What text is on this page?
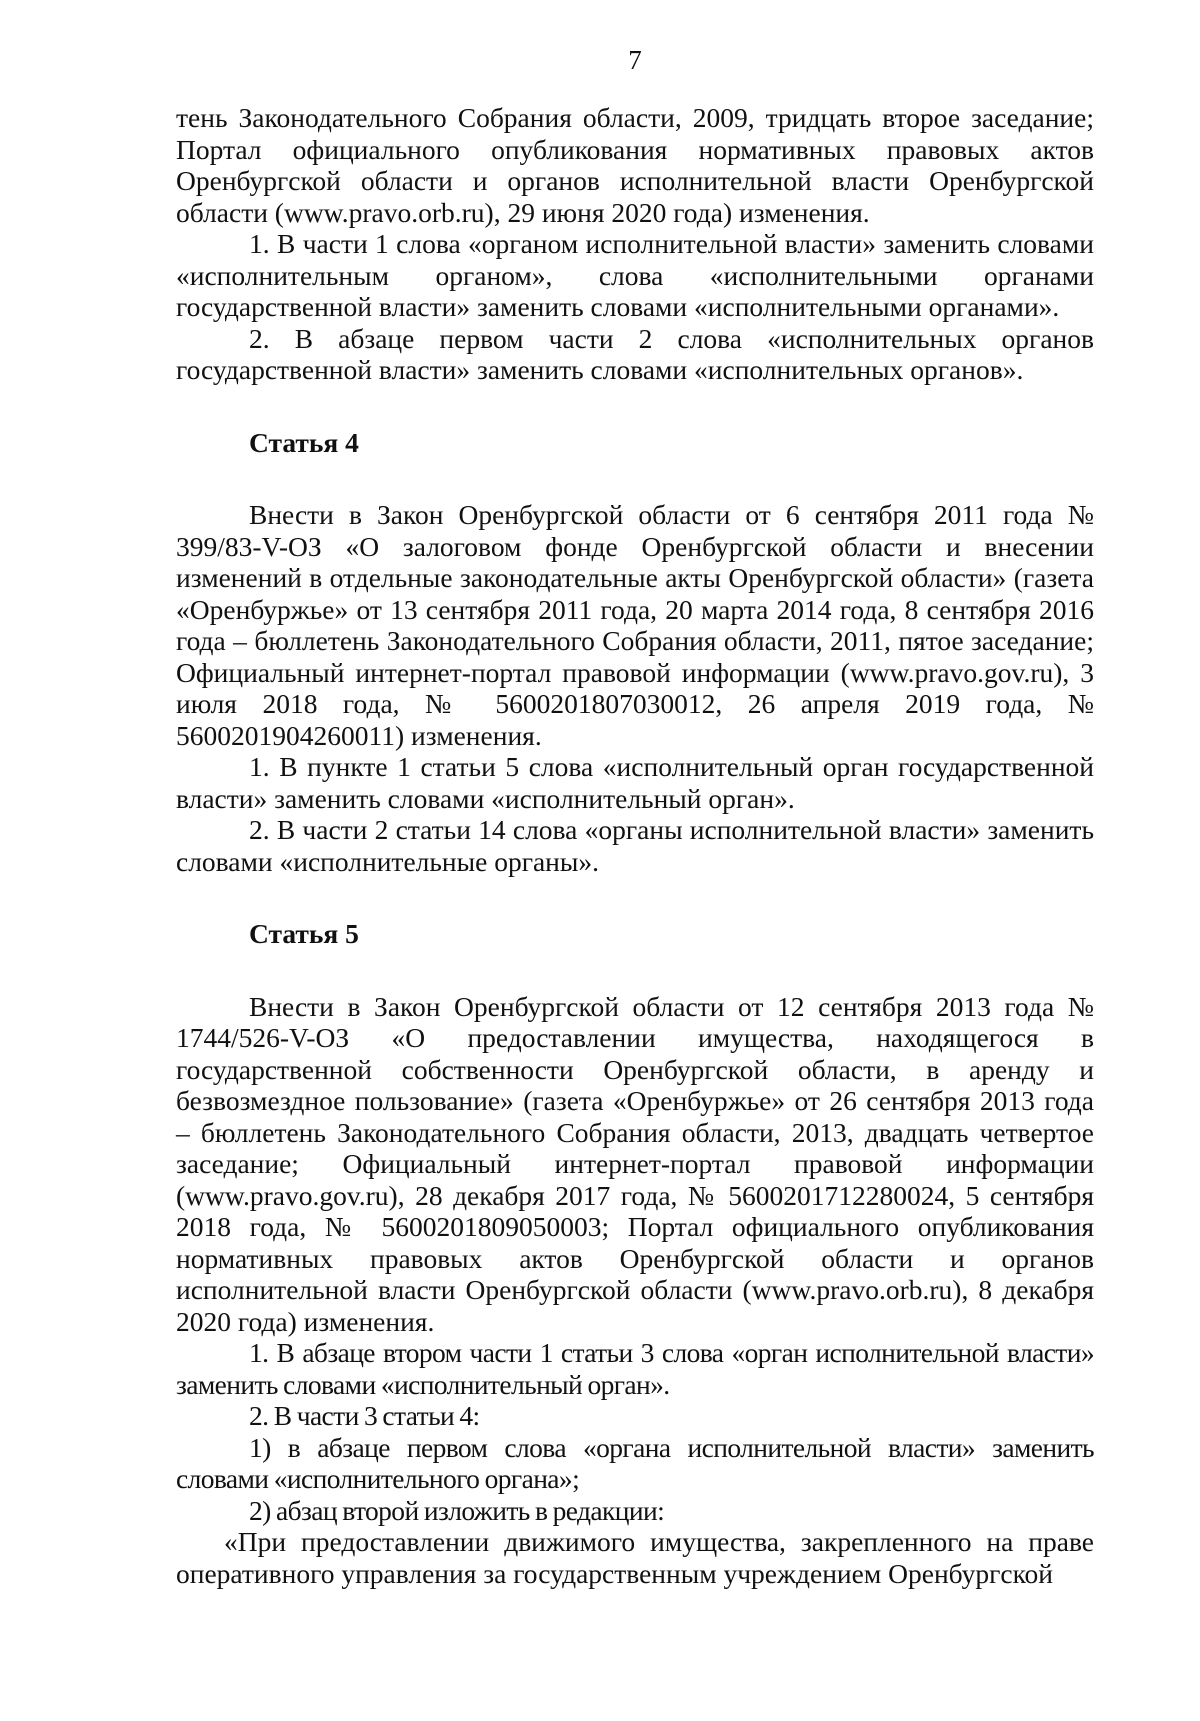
7

тень Законодательного Собрания области, 2009, тридцать второе заседание; Портал официального опубликования нормативных правовых актов Оренбургской области и органов исполнительной власти Оренбургской области (www.pravo.orb.ru), 29 июня 2020 года) изменения.

1. В части 1 слова «органом исполнительной власти» заменить словами «исполнительным органом», слова «исполнительными органами государственной власти» заменить словами «исполнительными органами».

2. В абзаце первом части 2 слова «исполнительных органов государственной власти» заменить словами «исполнительных органов».

Статья 4

Внести в Закон Оренбургской области от 6 сентября 2011 года № 399/83-V-ОЗ «О залоговом фонде Оренбургской области и внесении изменений в отдельные законодательные акты Оренбургской области» (газета «Оренбуржье» от 13 сентября 2011 года, 20 марта 2014 года, 8 сентября 2016 года – бюллетень Законодательного Собрания области, 2011, пятое заседание; Официальный интернет-портал правовой информации (www.pravo.gov.ru), 3 июля 2018 года, № 5600201807030012, 26 апреля 2019 года, № 5600201904260011) изменения.

1. В пункте 1 статьи 5 слова «исполнительный орган государственной власти» заменить словами «исполнительный орган».

2. В части 2 статьи 14 слова «органы исполнительной власти» заменить словами «исполнительные органы».

Статья 5

Внести в Закон Оренбургской области от 12 сентября 2013 года № 1744/526-V-ОЗ «О предоставлении имущества, находящегося в государственной собственности Оренбургской области, в аренду и безвозмездное пользование» (газета «Оренбуржье» от 26 сентября 2013 года – бюллетень Законодательного Собрания области, 2013, двадцать четвертое заседание; Официальный интернет-портал правовой информации (www.pravo.gov.ru), 28 декабря 2017 года, № 5600201712280024, 5 сентября 2018 года, № 5600201809050003; Портал официального опубликования нормативных правовых актов Оренбургской области и органов исполнительной власти Оренбургской области (www.pravo.orb.ru), 8 декабря 2020 года) изменения.

1. В абзаце втором части 1 статьи 3 слова «орган исполнительной власти» заменить словами «исполнительный орган».

2. В части 3 статьи 4:

1) в абзаце первом слова «органа исполнительной власти» заменить словами «исполнительного органа»;

2) абзац второй изложить в редакции:

«При предоставлении движимого имущества, закрепленного на праве оперативного управления за государственным учреждением Оренбургской
